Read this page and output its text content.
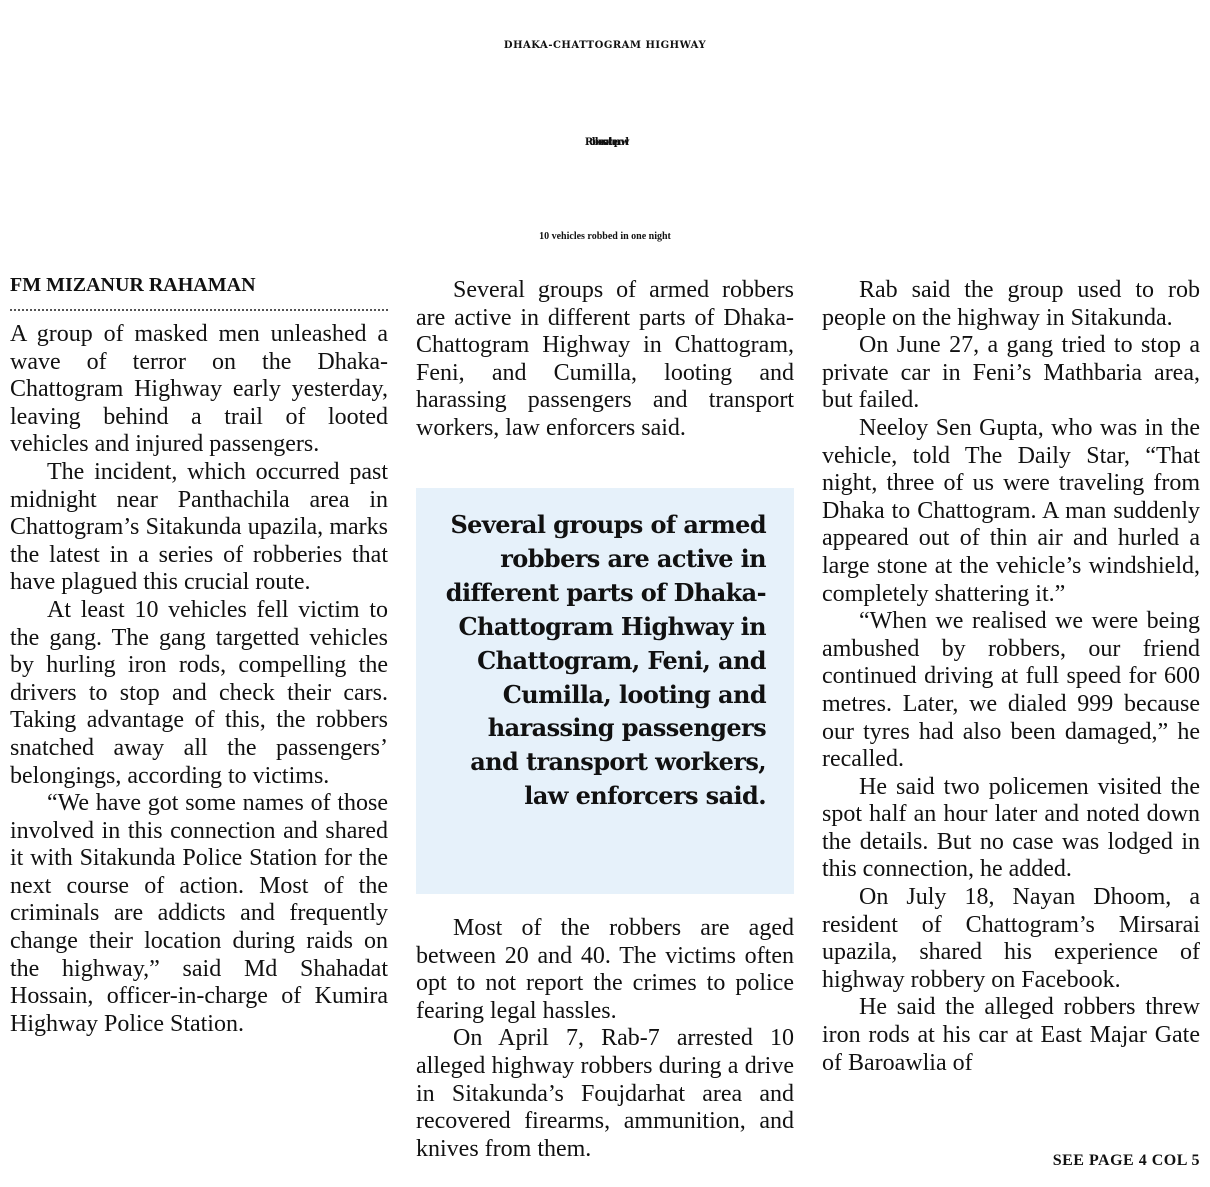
DHAKA-CHATTOGRAM HIGHWAY
Robbers on the prowl
10 vehicles robbed in one night
FM MIZANUR RAHAMAN

A group of masked men unleashed a wave of terror on the Dhaka-Chattogram Highway early yesterday, leaving behind a trail of looted vehicles and injured passengers.

The incident, which occurred past midnight near Panthachila area in Chattogram’s Sitakunda upazila, marks the latest in a series of robberies that have plagued this crucial route.

At least 10 vehicles fell victim to the gang. The gang targetted vehicles by hurling iron rods, compelling the drivers to stop and check their cars. Taking advantage of this, the robbers snatched away all the passengers’ belongings, according to victims.

“We have got some names of those involved in this connection and shared it with Sitakunda Police Station for the next course of action. Most of the criminals are addicts and frequently change their location during raids on the highway,” said Md Shahadat Hossain, officer-in-charge of Kumira Highway Police Station.

Several groups of armed robbers are active in different parts of Dhaka-Chattogram Highway in Chattogram, Feni, and Cumilla, looting and harassing passengers and transport workers, law enforcers said.

Several groups of armed robbers are active in different parts of Dhaka-Chattogram Highway in Chattogram, Feni, and Cumilla, looting and harassing passengers and transport workers, law enforcers said.

Most of the robbers are aged between 20 and 40. The victims often opt to not report the crimes to police fearing legal hassles.

On April 7, Rab-7 arrested 10 alleged highway robbers during a drive in Sitakunda’s Foujdarhat area and recovered firearms, ammunition, and knives from them.

Rab said the group used to rob people on the highway in Sitakunda.

On June 27, a gang tried to stop a private car in Feni’s Mathbaria area, but failed.

Neeloy Sen Gupta, who was in the vehicle, told The Daily Star, “That night, three of us were traveling from Dhaka to Chattogram. A man suddenly appeared out of thin air and hurled a large stone at the vehicle’s windshield, completely shattering it.”

“When we realised we were being ambushed by robbers, our friend continued driving at full speed for 600 metres. Later, we dialed 999 because our tyres had also been damaged,” he recalled.

He said two policemen visited the spot half an hour later and noted down the details. But no case was lodged in this connection, he added.

On July 18, Nayan Dhoom, a resident of Chattogram’s Mirsarai upazila, shared his experience of highway robbery on Facebook.

He said the alleged robbers threw iron rods at his car at East Majar Gate of Baroawlia of

SEE PAGE 4 COL 5
